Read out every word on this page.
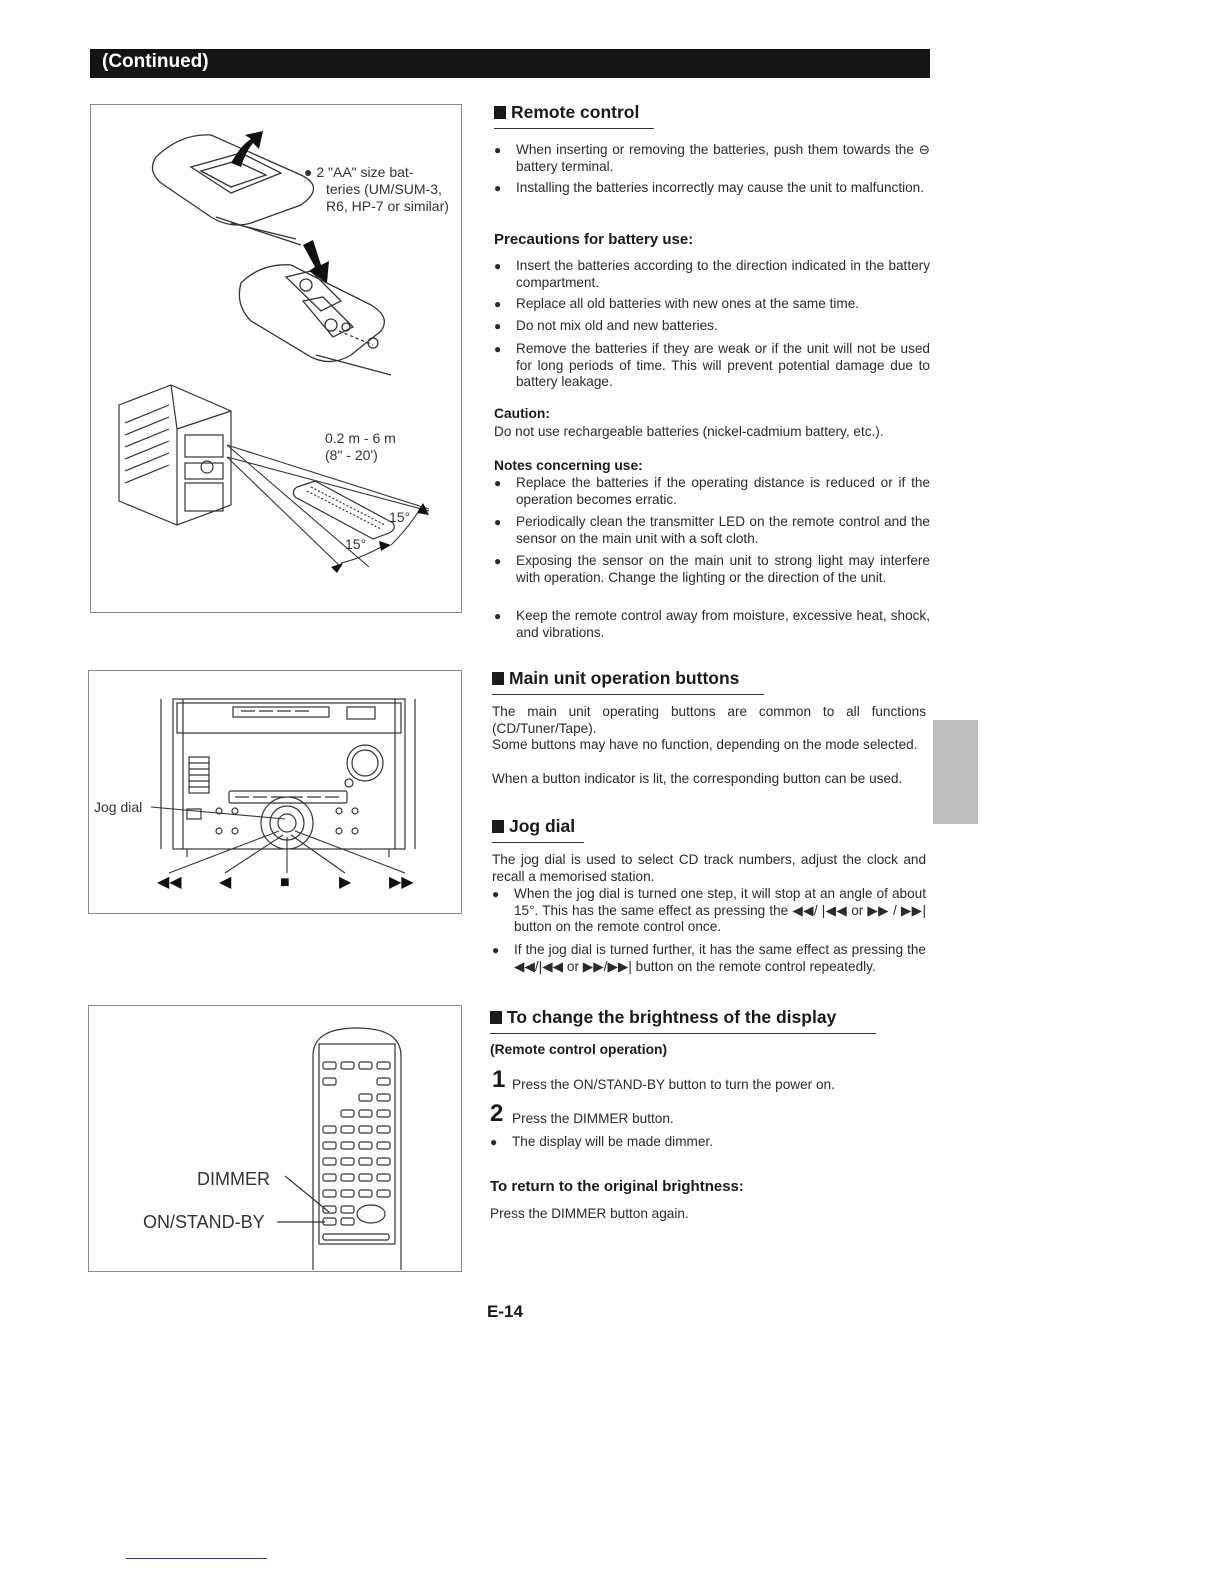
(Continued)
0.2 m - 6 m
(8" - 20')
15°
15°
● 2 "AA" size bat- teries (UM/SUM-3, R6, HP-7 or similar)
Jog dial
◀◀ ◀	■	▶ ▶▶
DIMMER
ON/STAND-BY
Remote control
● When inserting or removing the batteries, push them towards the ⊖ battery terminal.
● Installing the batteries incorrectly may cause the unit to malfunction.
Precautions for battery use:
● Insert the batteries according to the direction indicated in the battery compartment.
● Replace all old batteries with new ones at the same time.
● Do not mix old and new batteries.
● Remove the batteries if they are weak or if the unit will not be used for long periods of time. This will prevent potential damage due to battery leakage.
Caution:
Do not use rechargeable batteries (nickel-cadmium battery, etc.).
Notes concerning use:
● Replace the batteries if the operating distance is reduced or if the operation becomes erratic.
● Periodically clean the transmitter LED on the remote control and the sensor on the main unit with a soft cloth.
● Exposing the sensor on the main unit to strong light may interfere with operation. Change the lighting or the direction of the unit.
● Keep the remote control away from moisture, excessive heat, shock, and vibrations.
Main unit operation buttons
The main unit operating buttons are common to all functions (CD/Tuner/Tape).
Some buttons may have no function, depending on the mode selected.
When a button indicator is lit, the corresponding button can be used.
Jog dial
The jog dial is used to select CD track numbers, adjust the clock and recall a memorised station.
● When the jog dial is turned one step, it will stop at an angle of about 15°. This has the same effect as pressing the ◀◀/ |◀◀ or ▶▶ / ▶▶| button on the remote control once.
● If the jog dial is turned further, it has the same effect as pressing the ◀◀/|◀◀ or ▶▶/▶▶| button on the remote control repeatedly.
To change the brightness of the display
(Remote control operation)
1 Press the ON/STAND-BY button to turn the power on.
2 Press the DIMMER button.
● The display will be made dimmer.
To return to the original brightness:
Press the DIMMER button again.
E-14
